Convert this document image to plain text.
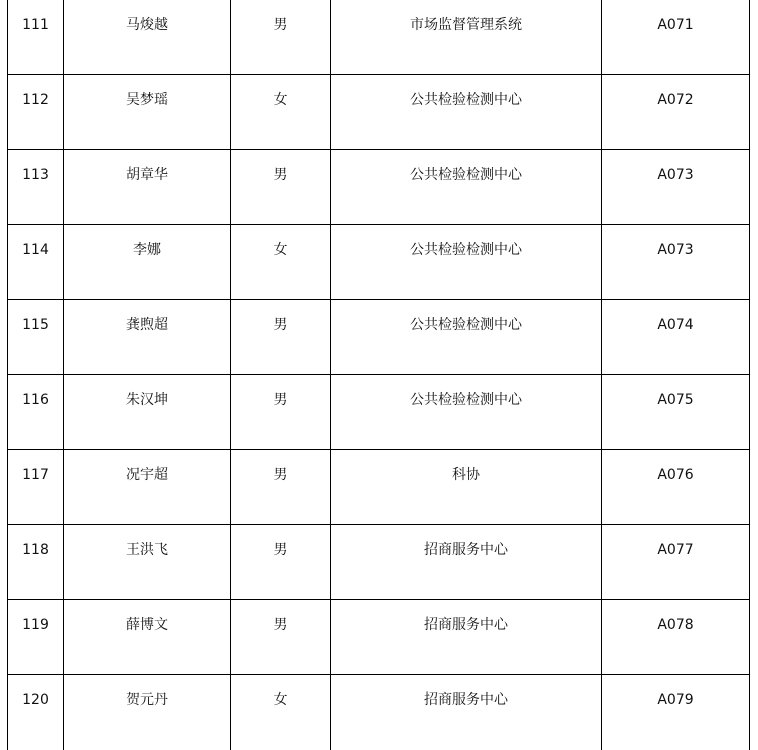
111	马焌越	男	市场监督管理系统	A071

112	吴梦瑶	女	公共检验检测中心	A072

113	胡章华	男	公共检验检测中心	A073

114	李娜	女	公共检验检测中心	A073

115	龚煦超	男	公共检验检测中心	A074

116	朱汉坤	男	公共检验检测中心	A075

117	况宇超	男	科协	A076

118	王洪飞	男	招商服务中心	A077

119	薛博文	男	招商服务中心	A078

120	贺元丹	女	招商服务中心	A079
